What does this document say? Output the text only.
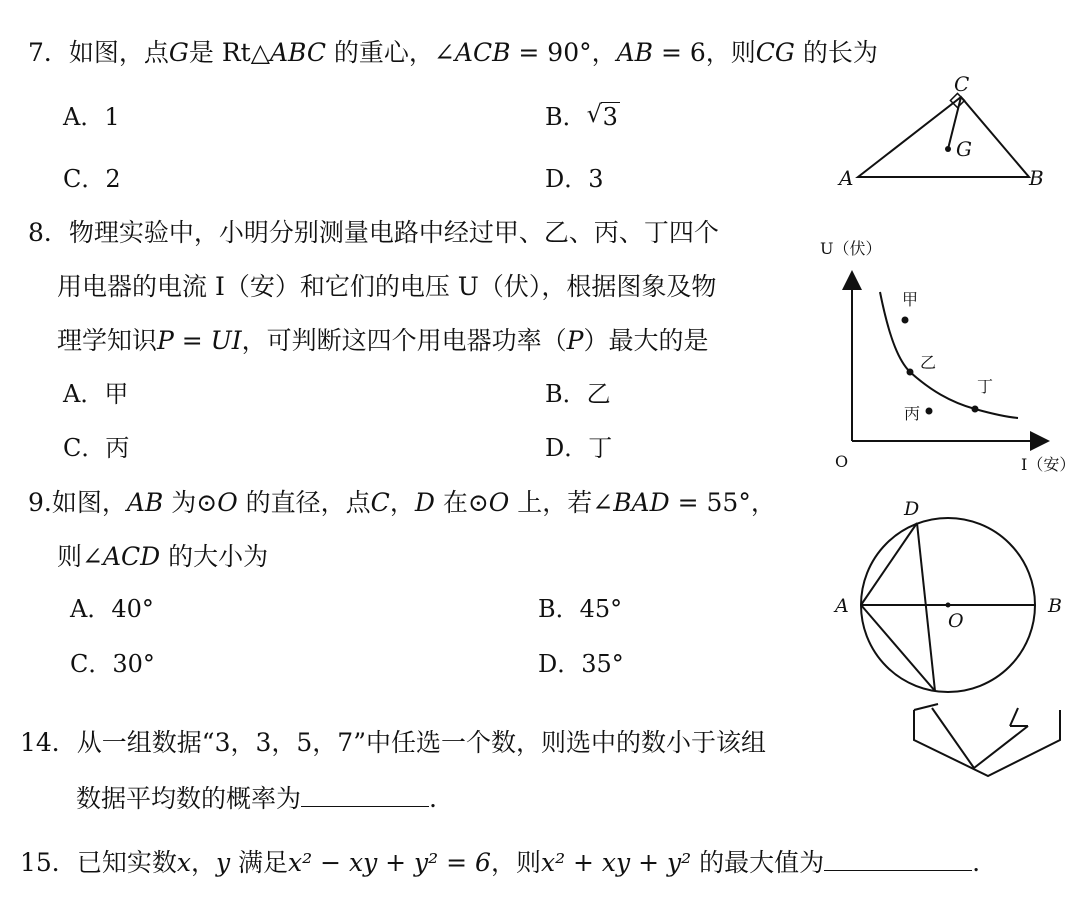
7．如图，点G是 Rt△ABC 的重心，∠ACB = 90°，AB = 6，则CG 的长为
A．1	B． √ 3
C．2	D．3
C
G
A	B
8．物理实验中，小明分别测量电路中经过甲、乙、丙、丁四个
用电器的电流 I（安）和它们的电压 U（伏），根据图象及物
理学知识P = UI，可判断这四个用电器功率（P）最大的是
A．甲	B．乙
C．丙	D．丁
U（伏）
I（安）
O
甲
乙
丙
丁
9.如图，AB 为⊙O 的直径，点C，D 在⊙O 上，若∠BAD = 55°，
则∠ACD 的大小为
A．40°	B．45°
C．30°	D．35°
D
A
O
B
14．从一组数据“3，3，5，7”中任选一个数，则选中的数小于该组
数据平均数的概率为	.
15．已知实数x，y 满足x² − xy + y² = 6，则x² + xy + y² 的最大值为	.
